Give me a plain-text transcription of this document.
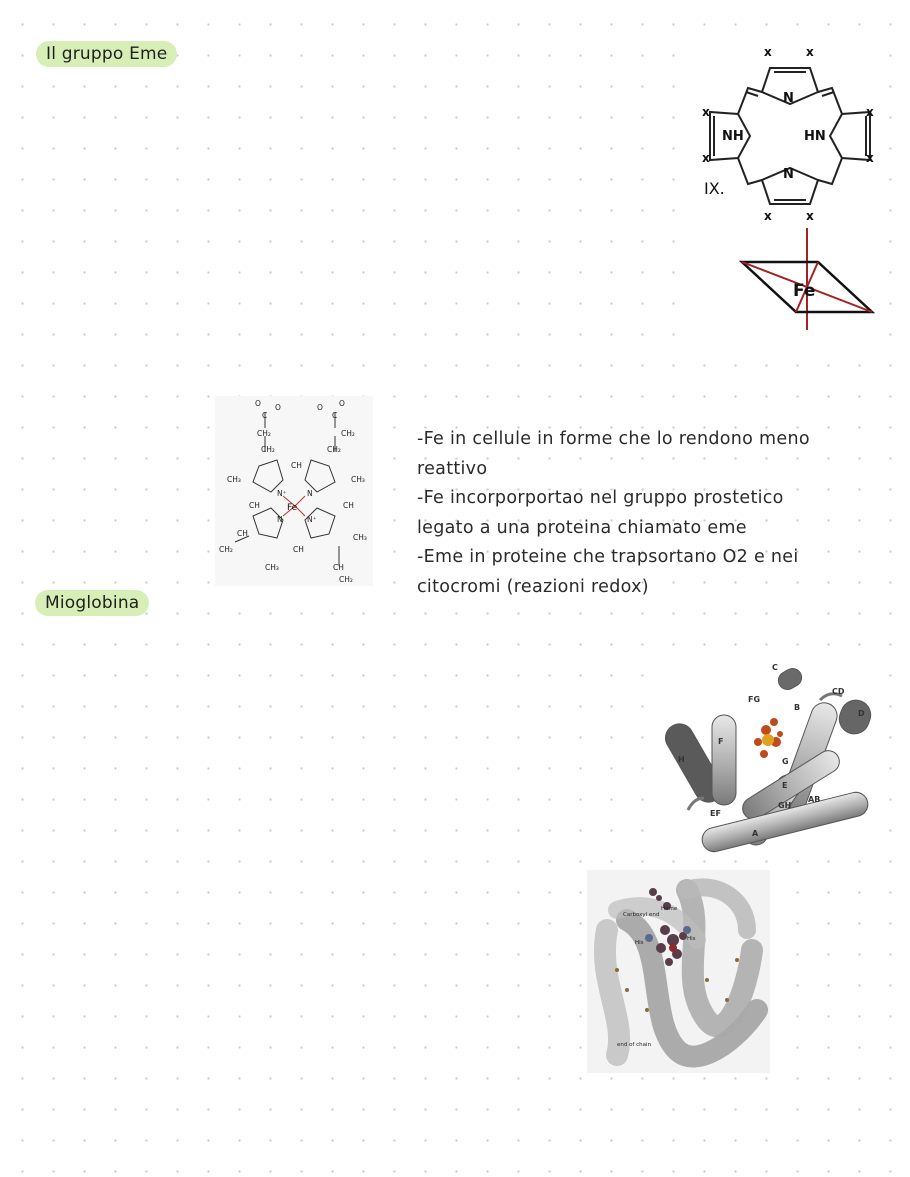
Il gruppo Eme	x	x
x
x
x
x
x	x
N
N
NH	HN
IX.
Fe
O O
C
O O
C
CH₂	CH₂
CH₂	CH₂
CH₃	CH₃
CH
CH	CH
CH
N⁺	N
N	N⁺
Fe
CH₂
CH
CH₃
CH₃
CH
CH₂
-Fe in cellule in forme che lo rendono meno
reattivo
-Fe incorporportao nel gruppo prostetico
legato a una proteina chiamato eme
-Eme in proteine che trapsortano O2 e nei
citocromi (reazioni redox)
Mioglobina
C
CD
D
FG
B
F
G
H
E
AB
GH
EF
A
Carboxyl end
Heme
His
His
end of chain
